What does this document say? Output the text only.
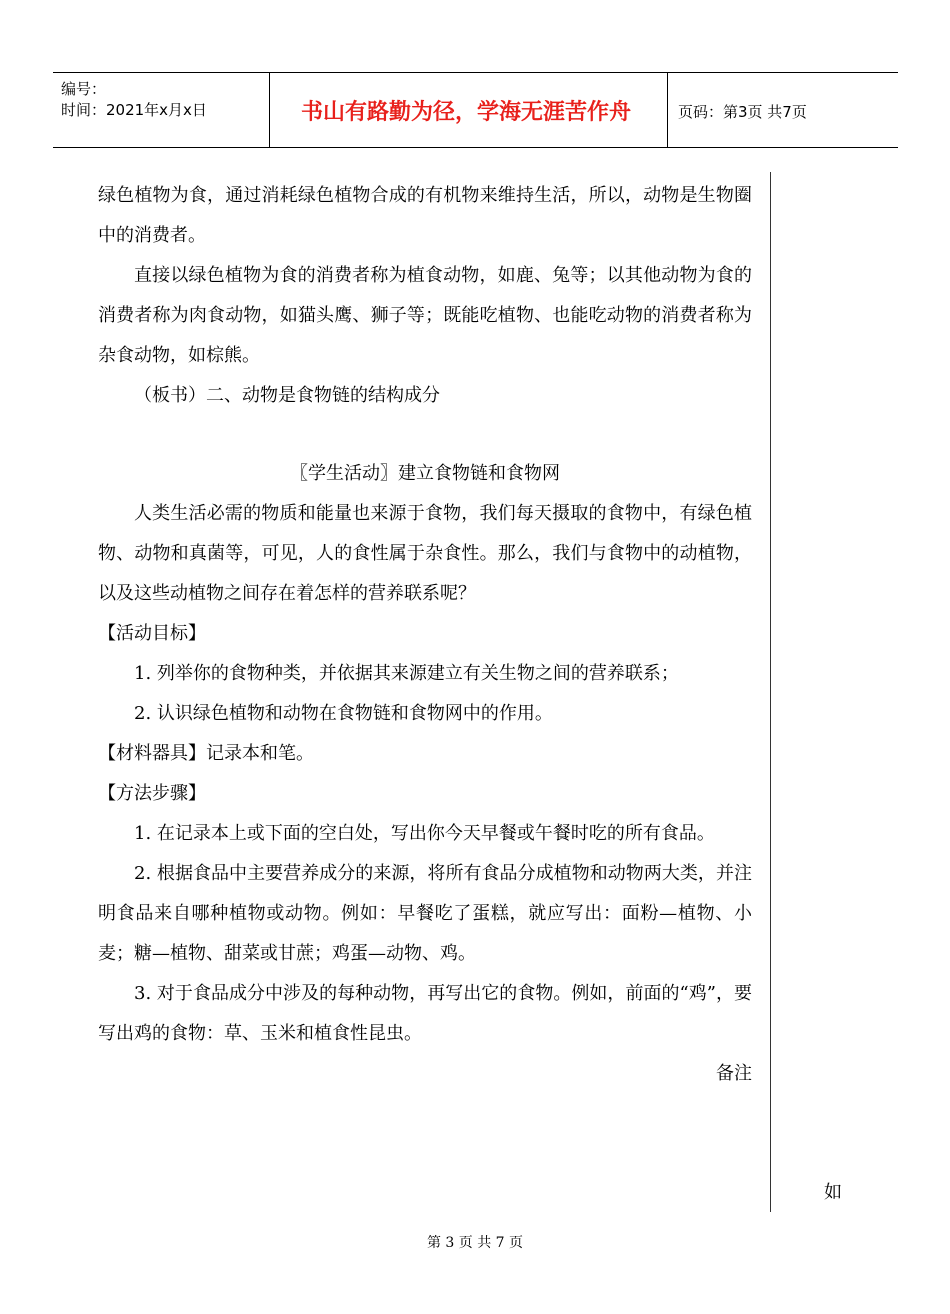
编号：
时间：2021年x月x日	书山有路勤为径，学海无涯苦作舟	页码：第3页 共7页

绿色植物为食，通过消耗绿色植物合成的有机物来维持生活，所以，动物是生物圈中的消费者。

直接以绿色植物为食的消费者称为植食动物，如鹿、兔等；以其他动物为食的消费者称为肉食动物，如猫头鹰、狮子等；既能吃植物、也能吃动物的消费者称为杂食动物，如棕熊。

（板书）二、动物是食物链的结构成分

〖学生活动〗建立食物链和食物网

人类生活必需的物质和能量也来源于食物，我们每天摄取的食物中，有绿色植物、动物和真菌等，可见，人的食性属于杂食性。那么，我们与食物中的动植物，以及这些动植物之间存在着怎样的营养联系呢？

【活动目标】

1. 列举你的食物种类，并依据其来源建立有关生物之间的营养联系；

2. 认识绿色植物和动物在食物链和食物网中的作用。

【材料器具】记录本和笔。

【方法步骤】

1. 在记录本上或下面的空白处，写出你今天早餐或午餐时吃的所有食品。

2. 根据食品中主要营养成分的来源，将所有食品分成植物和动物两大类，并注明食品来自哪种植物或动物。例如：早餐吃了蛋糕，就应写出：面粉—植物、小麦；糖—植物、甜菜或甘蔗；鸡蛋—动物、鸡。

3. 对于食品成分中涉及的每种动物，再写出它的食物。例如，前面的“鸡”，要写出鸡的食物：草、玉米和植食性昆虫。

备注

如
第 3 页 共 7 页
